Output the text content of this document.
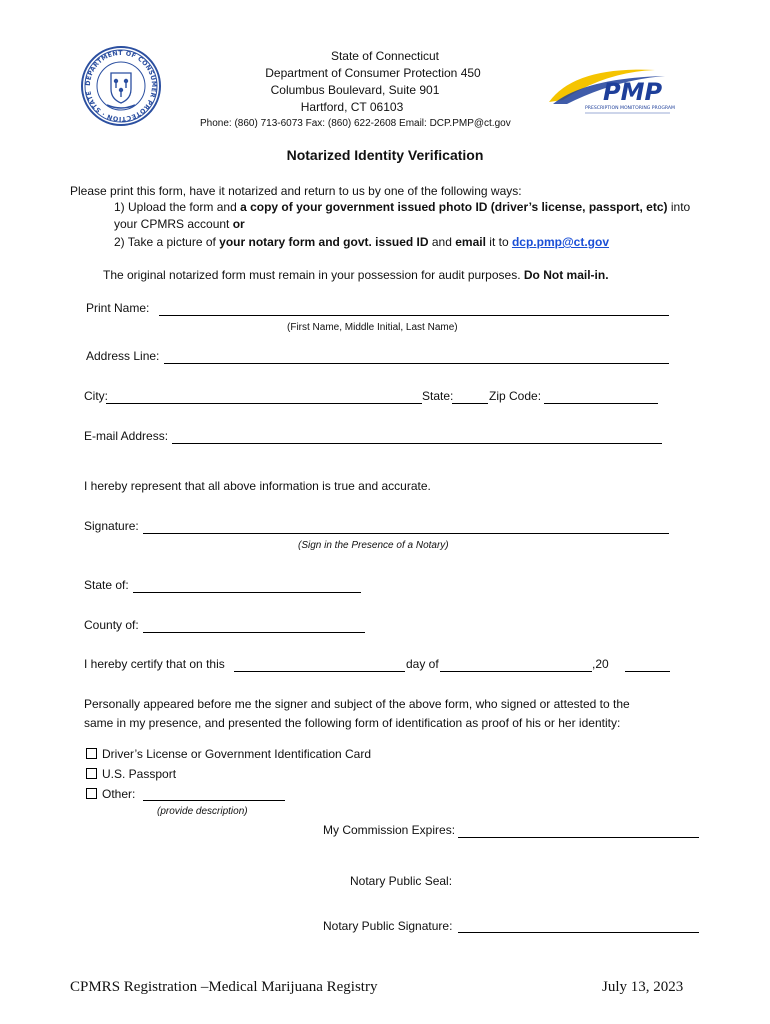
DEPARTMENT OF CONSUMER PROTECTION · STATE	PMP
PRESCRIPTION MONITORING PROGRAM
State of Connecticut
Department of Consumer Protection 450
Columbus Boulevard, Suite 901
Hartford, CT 06103
Phone: (860) 713-6073 Fax: (860) 622-2608 Email: DCP.PMP@ct.gov
Notarized Identity Verification
Please print this form, have it notarized and return to us by one of the following ways:
1) Upload the form and a copy of your government issued photo ID (driver’s license, passport, etc) into
your CPMRS account or
2) Take a picture of your notary form and govt. issued ID and email it to dcp.pmp@ct.gov
The original notarized form must remain in your possession for audit purposes. Do Not mail-in.
Print Name:
(First Name, Middle Initial, Last Name)
Address Line:
City:	State:	Zip Code:
E-mail Address:
I hereby represent that all above information is true and accurate.
Signature:
(Sign in the Presence of a Notary)
State of:
County of:
I hereby certify that on this	day of	,20
Personally appeared before me the signer and subject of the above form, who signed or attested to the
same in my presence, and presented the following form of identification as proof of his or her identity:
Driver’s License or Government Identification Card
U.S. Passport
Other:
(provide description)
My Commission Expires:
Notary Public Seal:
Notary Public Signature:
CPMRS Registration –Medical Marijuana Registry	July 13, 2023
